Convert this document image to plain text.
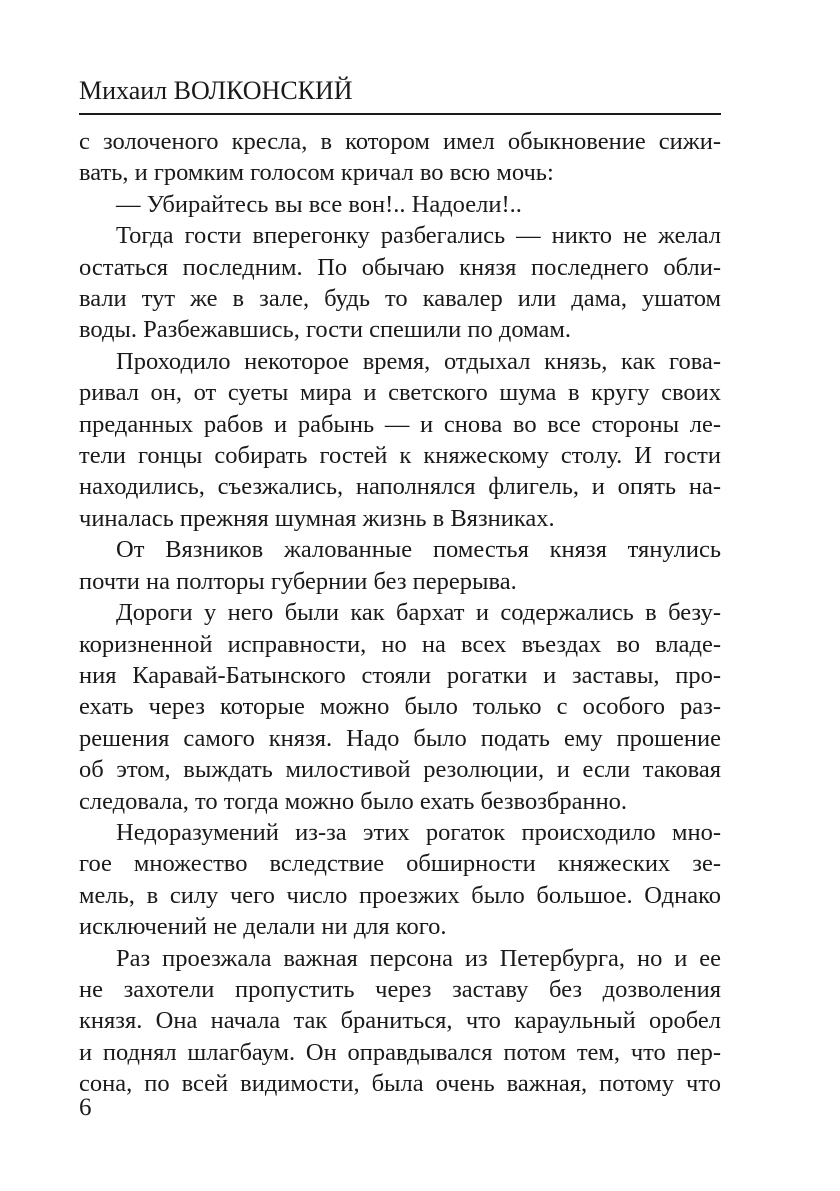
Михаил ВОЛКОНСКИЙ
с золоченого кресла, в котором имел обыкновение сижи-
вать, и громким голосом кричал во всю мочь:
— Убирайтесь вы все вон!.. Надоели!..
Тогда гости вперегонку разбегались — никто не желал
остаться последним. По обычаю князя последнего обли-
вали тут же в зале, будь то кавалер или дама, ушатом
воды. Разбежавшись, гости спешили по домам.
Проходило некоторое время, отдыхал князь, как гова-
ривал он, от суеты мира и светского шума в кругу своих
преданных рабов и рабынь — и снова во все стороны ле-
тели гонцы собирать гостей к княжескому столу. И гости
находились, съезжались, наполнялся флигель, и опять на-
чиналась прежняя шумная жизнь в Вязниках.
От Вязников жалованные поместья князя тянулись
почти на полторы губернии без перерыва.
Дороги у него были как бархат и содержались в безу-
коризненной исправности, но на всех въездах во владе-
ния Каравай-Батынского стояли рогатки и заставы, про-
ехать через которые можно было только с особого раз-
решения самого князя. Надо было подать ему прошение
об этом, выждать милостивой резолюции, и если таковая
следовала, то тогда можно было ехать безвозбранно.
Недоразумений из-за этих рогаток происходило мно-
гое множество вследствие обширности княжеских зе-
мель, в силу чего число проезжих было большое. Однако
исключений не делали ни для кого.
Раз проезжала важная персона из Петербурга, но и ее
не захотели пропустить через заставу без дозволения
князя. Она начала так браниться, что караульный оробел
и поднял шлагбаум. Он оправдывался потом тем, что пер-
сона, по всей видимости, была очень важная, потому что
6
